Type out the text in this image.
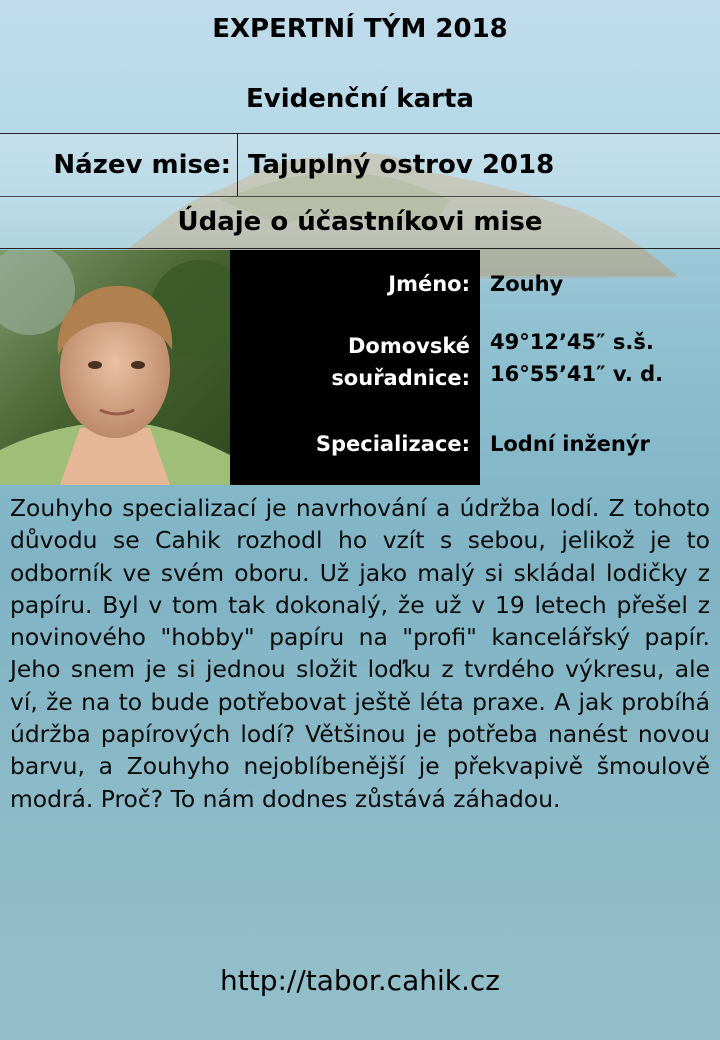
EXPERTNÍ TÝM 2018
Evidenční karta
Název mise: Tajuplný ostrov 2018
Údaje o účastníkovi mise
Jméno: Zouhy
Domovské
souřadnice:
49°12’45″ s.š.
16°55’41″ v. d.
Specializace: Lodní inženýr
Zouhyho specializací je navrhování a údržba lodí. Z tohoto důvodu se Cahik rozhodl ho vzít s sebou, jelikož je to odborník ve svém oboru. Už jako malý si skládal lodičky z papíru. Byl v tom tak dokonalý, že už v 19 letech přešel z novinového "hobby" papíru na "profi" kancelářský papír. Jeho snem je si jednou složit loďku z tvrdého výkresu, ale ví, že na to bude potřebovat ještě léta praxe. A jak probíhá údržba papírových lodí? Většinou je potřeba nanést novou barvu, a Zouhyho nejoblíbenější je překvapivě šmoulově modrá. Proč? To nám dodnes zůstává záhadou.
http://tabor.cahik.cz
